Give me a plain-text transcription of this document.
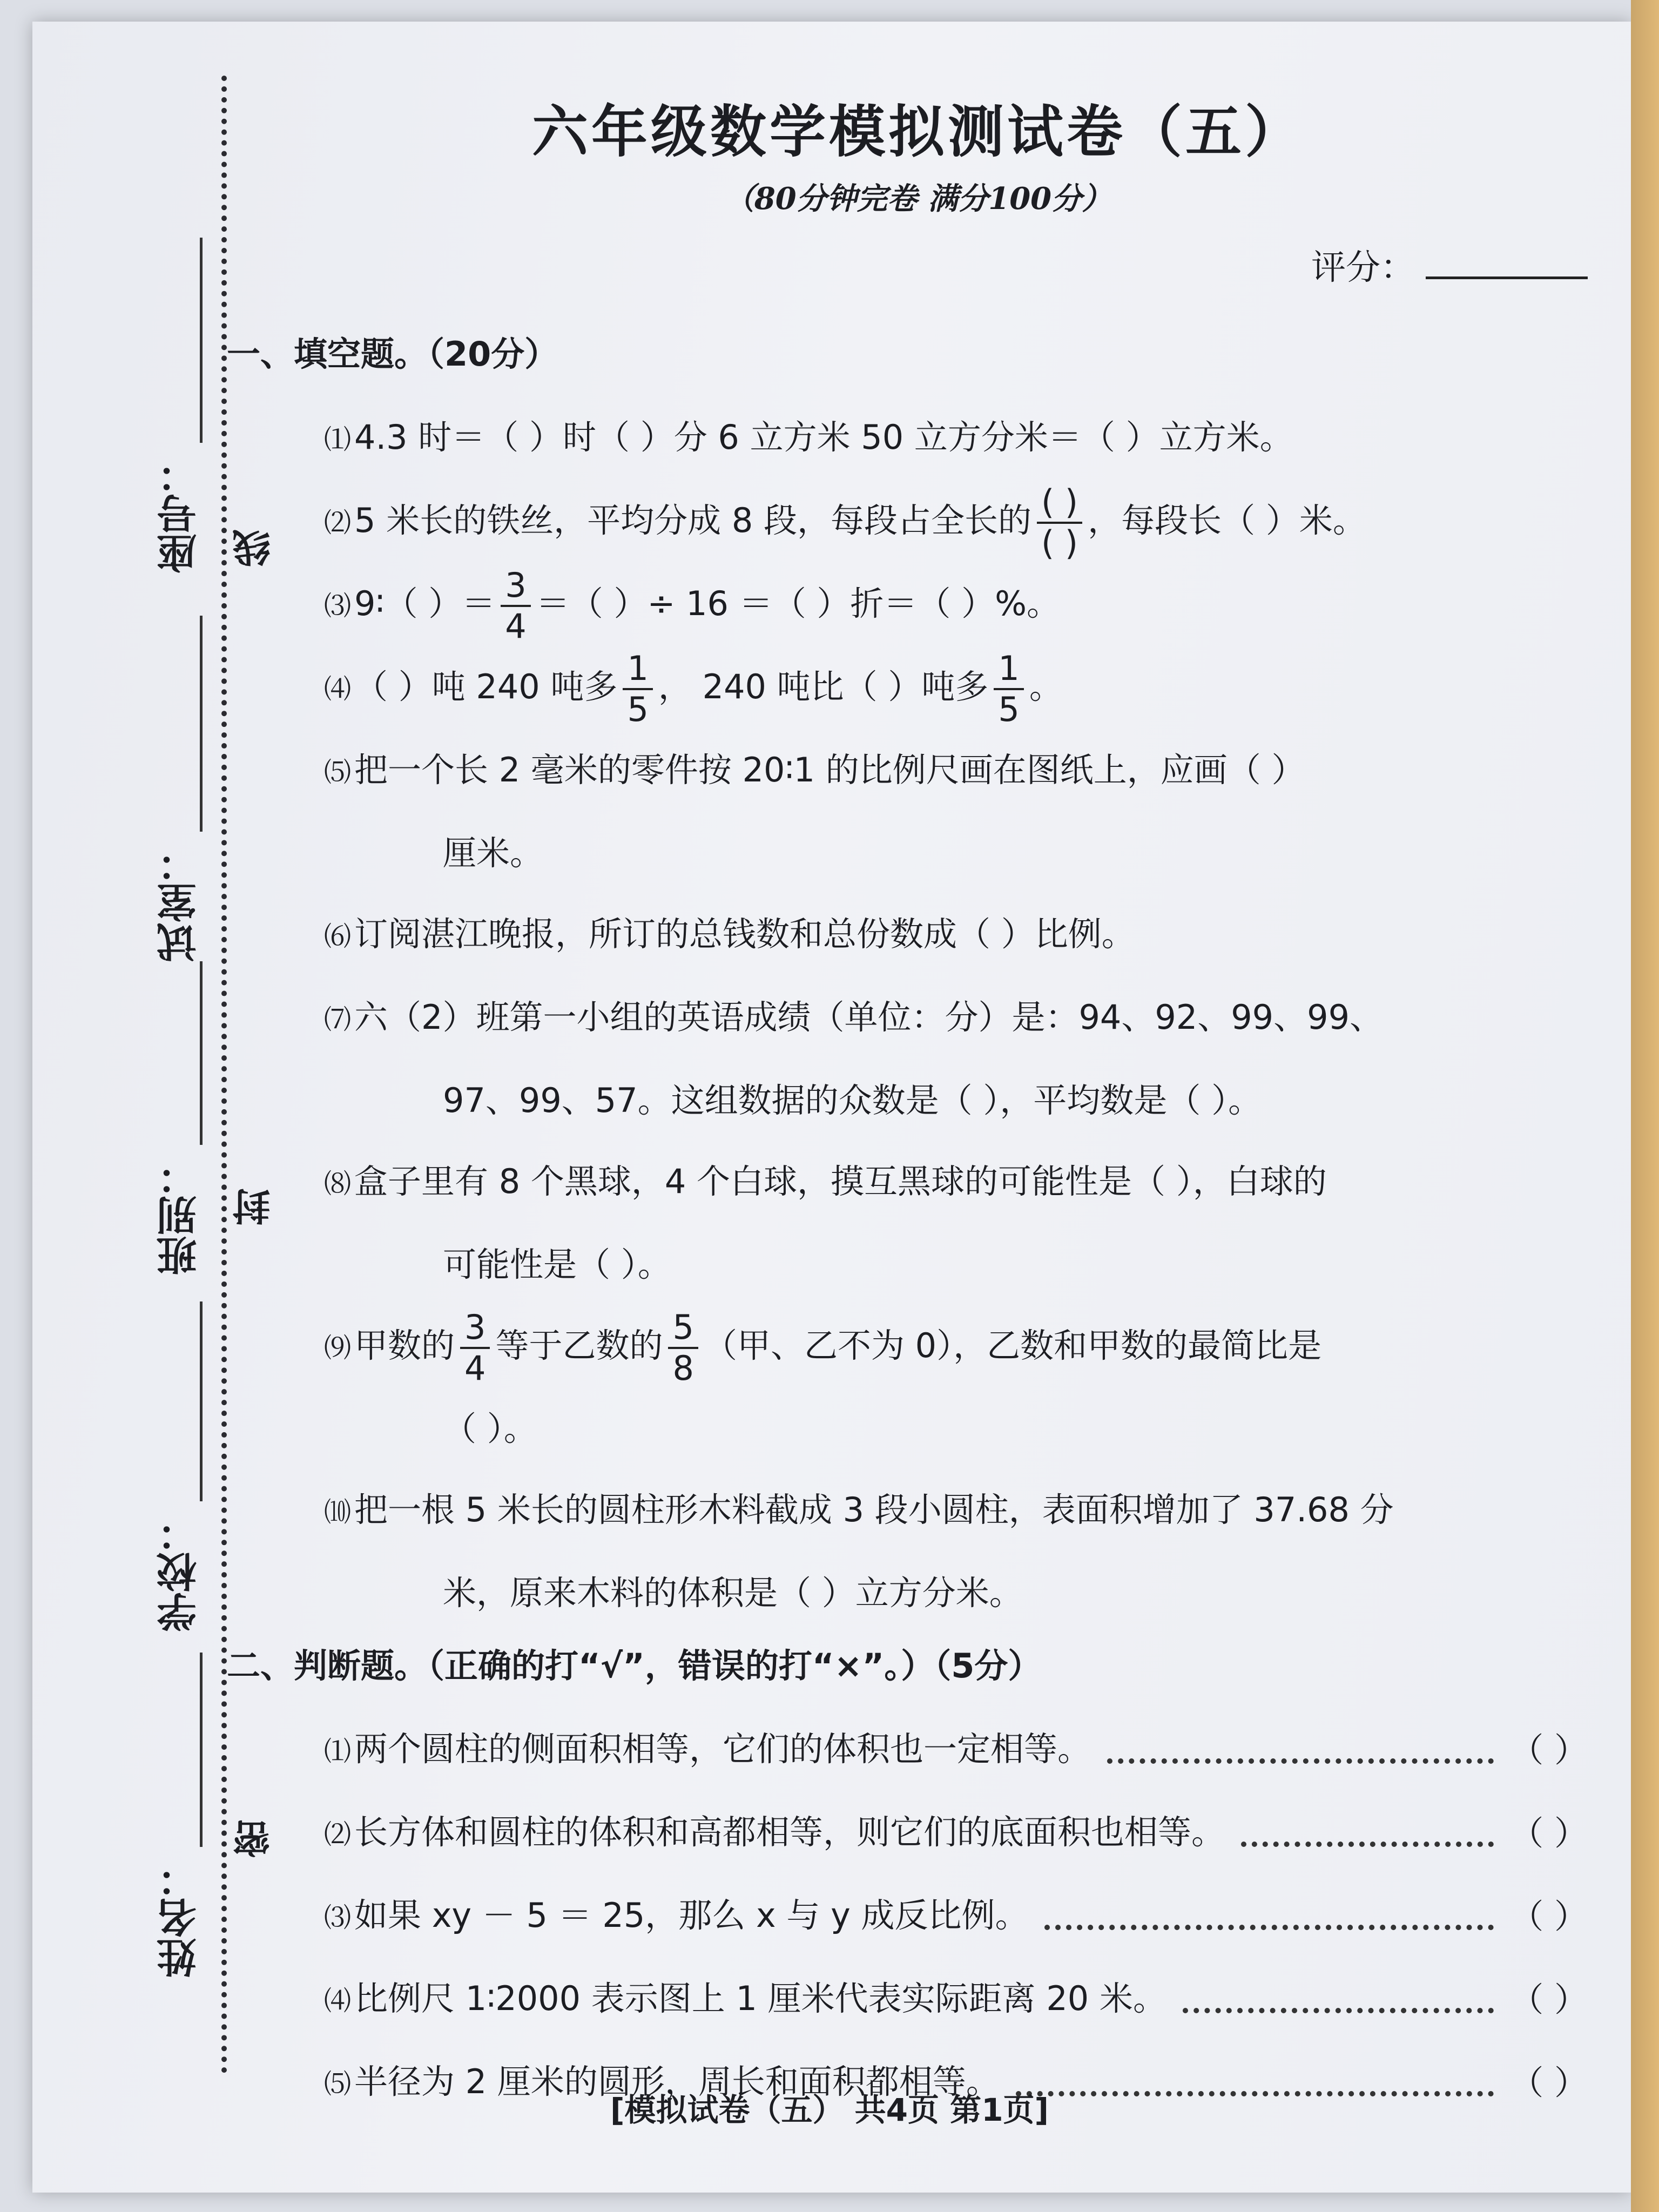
座号： 线
试室：
班别： 封
学校：
姓名：
密
六年级数学模拟测试卷（五）
（80分钟完卷 满分100分）
评分：
一、填空题。（20分）
⑴4.3 时＝（ ）时（ ）分 6 立方米 50 立方分米＝（ ）立方米。
⑵5 米长的铁丝，平均分成 8 段，每段占全长的 $\frac{( )}{( )}$ ，每段长（ ）米。
⑶9∶（ ）＝ $\frac{3}{4}$ ＝（ ）÷ 16 ＝（ ）折＝（ ）%。
⑷（ ）吨 240 吨多 $\frac{1}{5}$ ， 240 吨比（ ）吨多 $\frac{1}{5}$ 。
⑸把一个长 2 毫米的零件按 20∶1 的比例尺画在图纸上，应画（ ）
厘米。
⑹订阅湛江晚报，所订的总钱数和总份数成（ ）比例。
⑺六（2）班第一小组的英语成绩（单位：分）是：94、92、99、99、
97、99、57。这组数据的众数是（ ），平均数是（ ）。
⑻盒子里有 8 个黑球，4 个白球，摸互黑球的可能性是（ ），白球的
可能性是（ ）。
⑼甲数的 $\frac{3}{4}$ 等于乙数的 $\frac{5}{8}$ （甲、乙不为 0），乙数和甲数的最简比是
（ ）。
⑽把一根 5 米长的圆柱形木料截成 3 段小圆柱，表面积增加了 37.68 分
米，原来木料的体积是（ ）立方分米。
二、判断题。（正确的打“√”，错误的打“×”。）（5分）
⑴两个圆柱的侧面积相等，它们的体积也一定相等。	（ ）
⑵长方体和圆柱的体积和高都相等，则它们的底面积也相等。	（ ）
⑶如果 xy － 5 ＝ 25，那么 x 与 y 成反比例。	（ ）
⑷比例尺 1∶2000 表示图上 1 厘米代表实际距离 20 米。	（ ）
⑸半径为 2 厘米的圆形，周长和面积都相等。	（ ）
[模拟试卷（五） 共4页 第1页]
